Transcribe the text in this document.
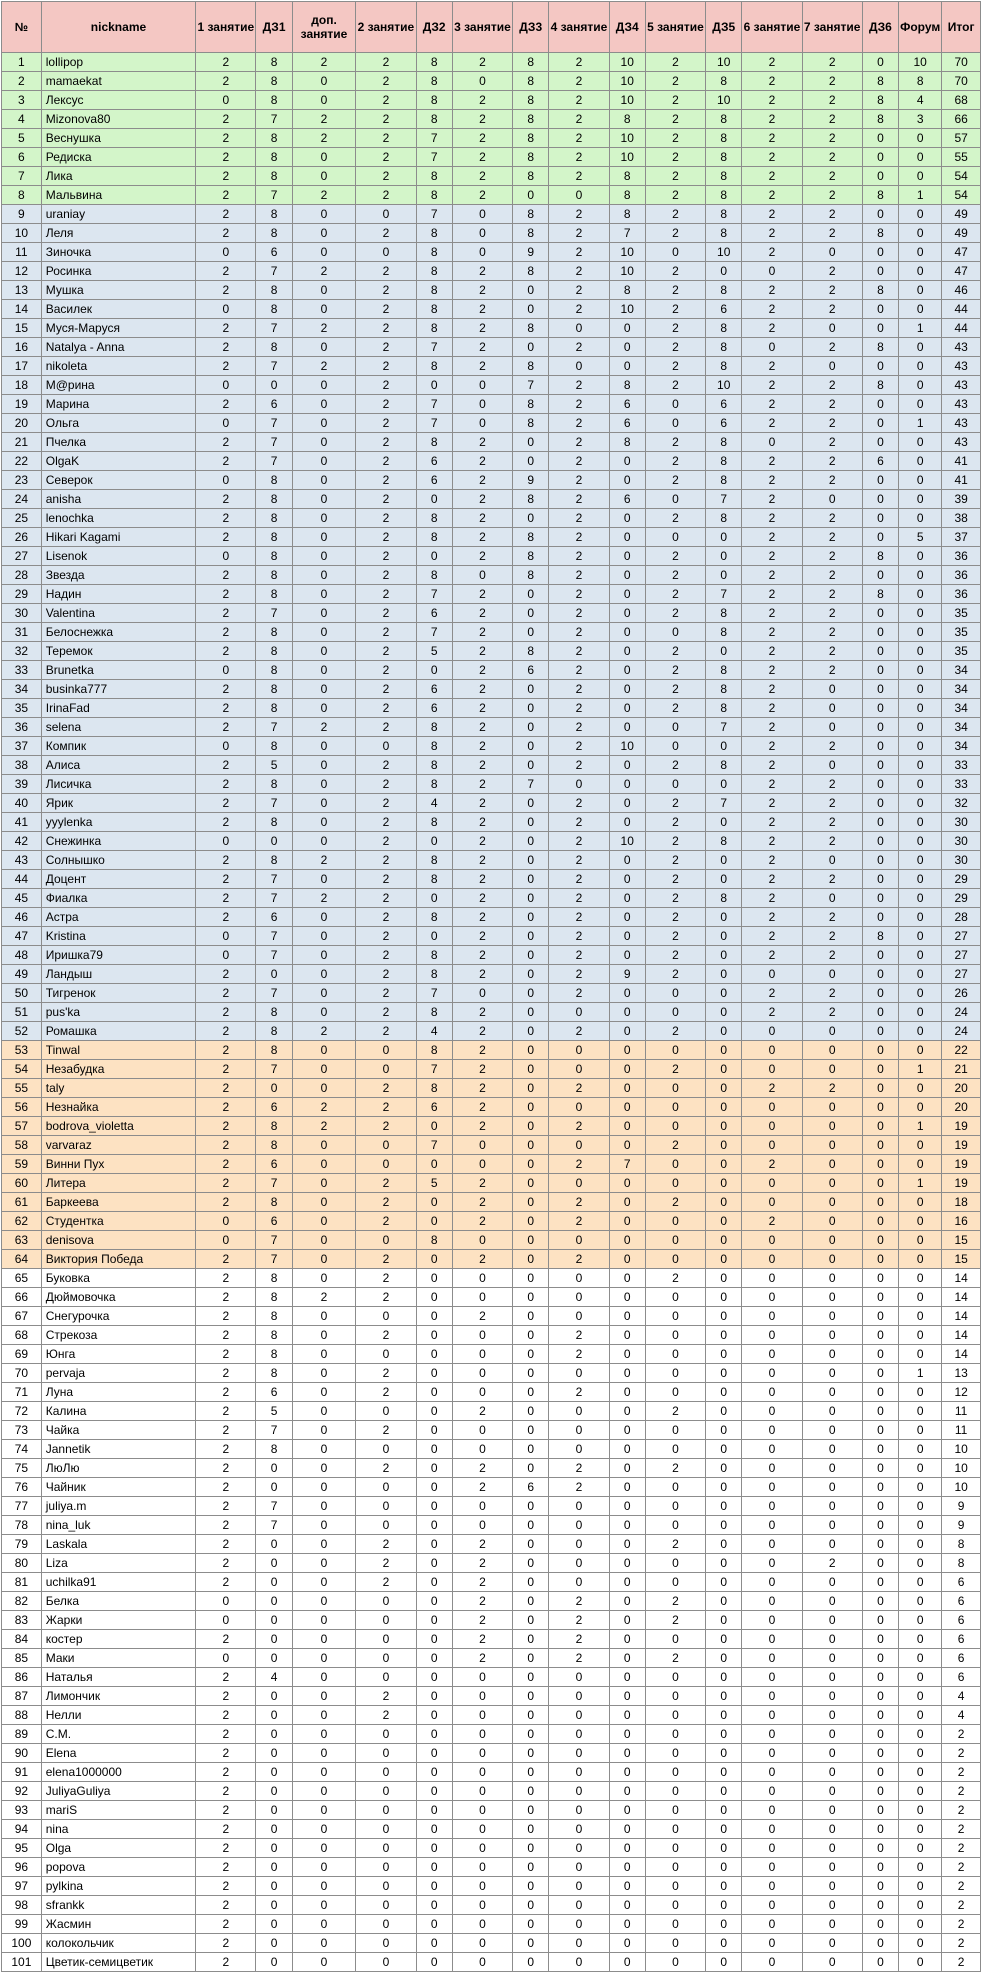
№	nickname	1 занятие	ДЗ1	доп. занятие	2 занятие	ДЗ2	3 занятие	ДЗ3	4 занятие	ДЗ4	5 занятие	ДЗ5	6 занятие	7 занятие	ДЗ6	Форум	Итог
1	lollipop	2	8	2	2	8	2	8	2	10	2	10	2	2	0	10	70
2	mamaekat	2	8	0	2	8	0	8	2	10	2	8	2	2	8	8	70
3	Лексус	0	8	0	2	8	2	8	2	10	2	10	2	2	8	4	68
4	Mizonova80	2	7	2	2	8	2	8	2	8	2	8	2	2	8	3	66
5	Веснушка	2	8	2	2	7	2	8	2	10	2	8	2	2	0	0	57
6	Редиска	2	8	0	2	7	2	8	2	10	2	8	2	2	0	0	55
7	Лика	2	8	0	2	8	2	8	2	8	2	8	2	2	0	0	54
8	Мальвина	2	7	2	2	8	2	0	0	8	2	8	2	2	8	1	54
9	uraniay	2	8	0	0	7	0	8	2	8	2	8	2	2	0	0	49
10	Леля	2	8	0	2	8	0	8	2	7	2	8	2	2	8	0	49
11	Зиночка	0	6	0	0	8	0	9	2	10	0	10	2	0	0	0	47
12	Росинка	2	7	2	2	8	2	8	2	10	2	0	0	2	0	0	47
13	Мушка	2	8	0	2	8	2	0	2	8	2	8	2	2	8	0	46
14	Василек	0	8	0	2	8	2	0	2	10	2	6	2	2	0	0	44
15	Муся-Маруся	2	7	2	2	8	2	8	0	0	2	8	2	0	0	1	44
16	Natalya - Anna	2	8	0	2	7	2	0	2	0	2	8	0	2	8	0	43
17	nikoleta	2	7	2	2	8	2	8	0	0	2	8	2	0	0	0	43
18	M@рина	0	0	0	2	0	0	7	2	8	2	10	2	2	8	0	43
19	Марина	2	6	0	2	7	0	8	2	6	0	6	2	2	0	0	43
20	Ольга	0	7	0	2	7	0	8	2	6	0	6	2	2	0	1	43
21	Пчелка	2	7	0	2	8	2	0	2	8	2	8	0	2	0	0	43
22	OlgaK	2	7	0	2	6	2	0	2	0	2	8	2	2	6	0	41
23	Северок	0	8	0	2	6	2	9	2	0	2	8	2	2	0	0	41
24	anisha	2	8	0	2	0	2	8	2	6	0	7	2	0	0	0	39
25	lenochka	2	8	0	2	8	2	0	2	0	2	8	2	2	0	0	38
26	Hikari Kagami	2	8	0	2	8	2	8	2	0	0	0	2	2	0	5	37
27	Lisenok	0	8	0	2	0	2	8	2	0	2	0	2	2	8	0	36
28	Звезда	2	8	0	2	8	0	8	2	0	2	0	2	2	0	0	36
29	Надин	2	8	0	2	7	2	0	2	0	2	7	2	2	8	0	36
30	Valentina	2	7	0	2	6	2	0	2	0	2	8	2	2	0	0	35
31	Белоснежка	2	8	0	2	7	2	0	2	0	0	8	2	2	0	0	35
32	Теремок	2	8	0	2	5	2	8	2	0	2	0	2	2	0	0	35
33	Brunetka	0	8	0	2	0	2	6	2	0	2	8	2	2	0	0	34
34	businka777	2	8	0	2	6	2	0	2	0	2	8	2	0	0	0	34
35	IrinaFad	2	8	0	2	6	2	0	2	0	2	8	2	0	0	0	34
36	selena	2	7	2	2	8	2	0	2	0	0	7	2	0	0	0	34
37	Компик	0	8	0	0	8	2	0	2	10	0	0	2	2	0	0	34
38	Алиса	2	5	0	2	8	2	0	2	0	2	8	2	0	0	0	33
39	Лисичка	2	8	0	2	8	2	7	0	0	0	0	2	2	0	0	33
40	Ярик	2	7	0	2	4	2	0	2	0	2	7	2	2	0	0	32
41	yyylenka	2	8	0	2	8	2	0	2	0	2	0	2	2	0	0	30
42	Снежинка	0	0	0	2	0	2	0	2	10	2	8	2	2	0	0	30
43	Солнышко	2	8	2	2	8	2	0	2	0	2	0	2	0	0	0	30
44	Доцент	2	7	0	2	8	2	0	2	0	2	0	2	2	0	0	29
45	Фиалка	2	7	2	2	0	2	0	2	0	2	8	2	0	0	0	29
46	Астра	2	6	0	2	8	2	0	2	0	2	0	2	2	0	0	28
47	Kristina	0	7	0	2	0	2	0	2	0	2	0	2	2	8	0	27
48	Иришка79	0	7	0	2	8	2	0	2	0	2	0	2	2	0	0	27
49	Ландыш	2	0	0	2	8	2	0	2	9	2	0	0	0	0	0	27
50	Тигренок	2	7	0	2	7	0	0	2	0	0	0	2	2	0	0	26
51	pus'ka	2	8	0	2	8	2	0	0	0	0	0	2	2	0	0	24
52	Ромашка	2	8	2	2	4	2	0	2	0	2	0	0	0	0	0	24
53	Tinwal	2	8	0	0	8	2	0	0	0	0	0	0	0	0	0	22
54	Незабудка	2	7	0	0	7	2	0	0	0	2	0	0	0	0	1	21
55	taly	2	0	0	2	8	2	0	2	0	0	0	2	2	0	0	20
56	Незнайка	2	6	2	2	6	2	0	0	0	0	0	0	0	0	0	20
57	bodrova_violetta	2	8	2	2	0	2	0	2	0	0	0	0	0	0	1	19
58	varvaraz	2	8	0	0	7	0	0	0	0	2	0	0	0	0	0	19
59	Винни Пух	2	6	0	0	0	0	0	2	7	0	0	2	0	0	0	19
60	Литера	2	7	0	2	5	2	0	0	0	0	0	0	0	0	1	19
61	Баркеева	2	8	0	2	0	2	0	2	0	2	0	0	0	0	0	18
62	Студентка	0	6	0	2	0	2	0	2	0	0	0	2	0	0	0	16
63	denisova	0	7	0	0	8	0	0	0	0	0	0	0	0	0	0	15
64	Виктория Победа	2	7	0	2	0	2	0	2	0	0	0	0	0	0	0	15
65	Буковка	2	8	0	2	0	0	0	0	0	2	0	0	0	0	0	14
66	Дюймовочка	2	8	2	2	0	0	0	0	0	0	0	0	0	0	0	14
67	Снегурочка	2	8	0	0	0	2	0	0	0	0	0	0	0	0	0	14
68	Стрекоза	2	8	0	2	0	0	0	2	0	0	0	0	0	0	0	14
69	Юнга	2	8	0	0	0	0	0	2	0	0	0	0	0	0	0	14
70	pervaja	2	8	0	2	0	0	0	0	0	0	0	0	0	0	1	13
71	Луна	2	6	0	2	0	0	0	2	0	0	0	0	0	0	0	12
72	Калина	2	5	0	0	0	2	0	0	0	2	0	0	0	0	0	11
73	Чайка	2	7	0	2	0	0	0	0	0	0	0	0	0	0	0	11
74	Jannetik	2	8	0	0	0	0	0	0	0	0	0	0	0	0	0	10
75	ЛюЛю	2	0	0	2	0	2	0	2	0	2	0	0	0	0	0	10
76	Чайник	2	0	0	0	0	2	6	2	0	0	0	0	0	0	0	10
77	juliya.m	2	7	0	0	0	0	0	0	0	0	0	0	0	0	0	9
78	nina_luk	2	7	0	0	0	0	0	0	0	0	0	0	0	0	0	9
79	Laskala	2	0	0	2	0	2	0	0	0	2	0	0	0	0	0	8
80	Liza	2	0	0	2	0	2	0	0	0	0	0	0	2	0	0	8
81	uchilka91	2	0	0	2	0	2	0	0	0	0	0	0	0	0	0	6
82	Белка	0	0	0	0	0	2	0	2	0	2	0	0	0	0	0	6
83	Жарки	0	0	0	0	0	2	0	2	0	2	0	0	0	0	0	6
84	костер	2	0	0	0	0	2	0	2	0	0	0	0	0	0	0	6
85	Маки	0	0	0	0	0	2	0	2	0	2	0	0	0	0	0	6
86	Наталья	2	4	0	0	0	0	0	0	0	0	0	0	0	0	0	6
87	Лимончик	2	0	0	2	0	0	0	0	0	0	0	0	0	0	0	4
88	Нелли	2	0	0	2	0	0	0	0	0	0	0	0	0	0	0	4
89	С.М.	2	0	0	0	0	0	0	0	0	0	0	0	0	0	0	2
90	Elena	2	0	0	0	0	0	0	0	0	0	0	0	0	0	0	2
91	elena1000000	2	0	0	0	0	0	0	0	0	0	0	0	0	0	0	2
92	JuliyaGuliya	2	0	0	0	0	0	0	0	0	0	0	0	0	0	0	2
93	mariS	2	0	0	0	0	0	0	0	0	0	0	0	0	0	0	2
94	nina	2	0	0	0	0	0	0	0	0	0	0	0	0	0	0	2
95	Olga	2	0	0	0	0	0	0	0	0	0	0	0	0	0	0	2
96	popova	2	0	0	0	0	0	0	0	0	0	0	0	0	0	0	2
97	pylkina	2	0	0	0	0	0	0	0	0	0	0	0	0	0	0	2
98	sfrankk	2	0	0	0	0	0	0	0	0	0	0	0	0	0	0	2
99	Жасмин	2	0	0	0	0	0	0	0	0	0	0	0	0	0	0	2
100	колокольчик	2	0	0	0	0	0	0	0	0	0	0	0	0	0	0	2
101	Цветик-семицветик	2	0	0	0	0	0	0	0	0	0	0	0	0	0	0	2
